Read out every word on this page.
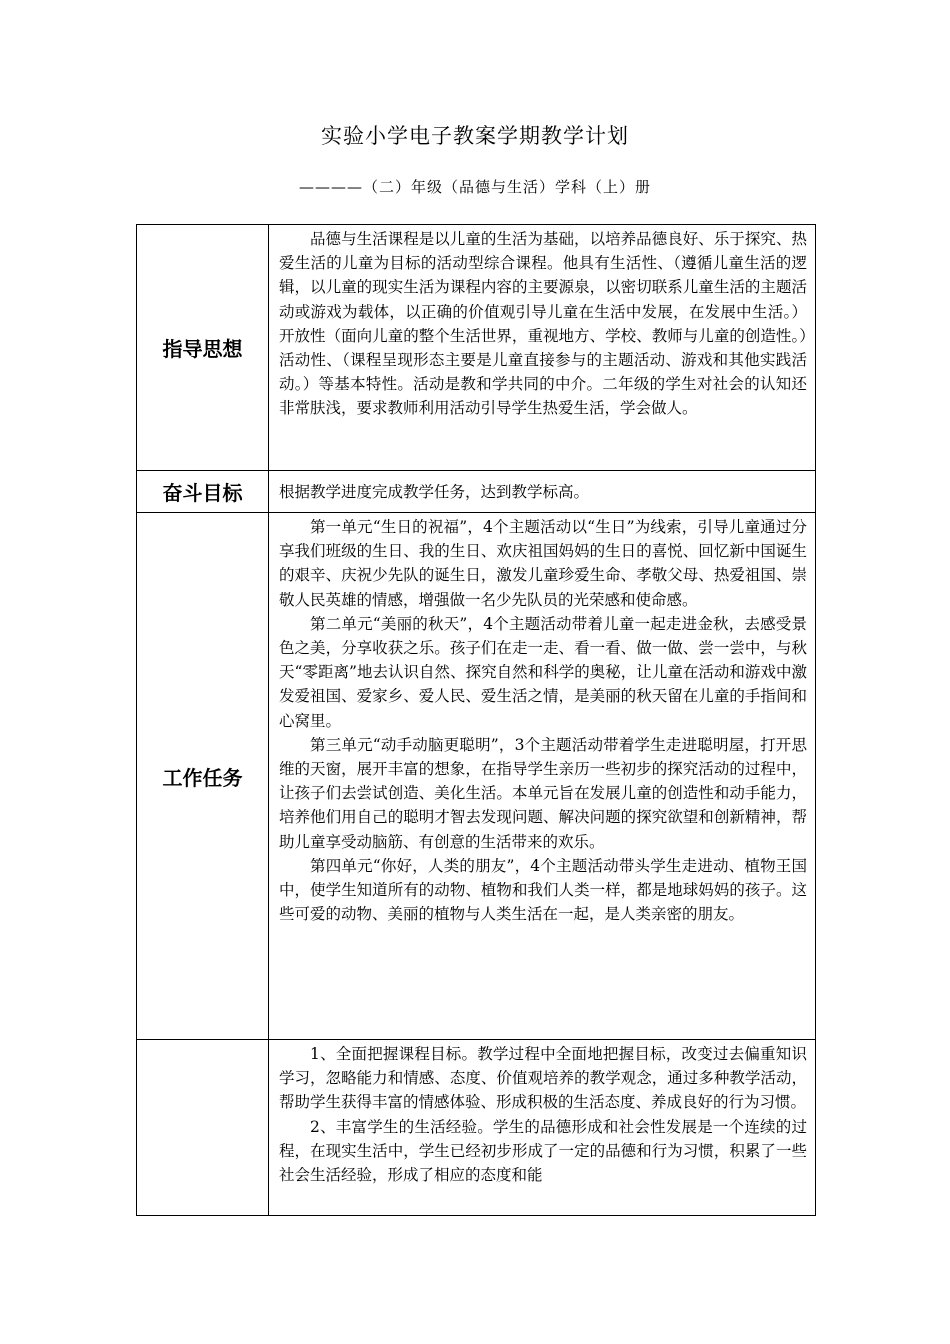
实验小学电子教案学期教学计划
————（二）年级（品德与生活）学科（上）册
指导思想	品德与生活课程是以儿童的生活为基础，以培养品德良好、乐于探究、热爱生活的儿童为目标的活动型综合课程。他具有生活性、（遵循儿童生活的逻辑，以儿童的现实生活为课程内容的主要源泉，以密切联系儿童生活的主题活动或游戏为载体，以正确的价值观引导儿童在生活中发展，在发展中生活。）开放性（面向儿童的整个生活世界，重视地方、学校、教师与儿童的创造性。）活动性、（课程呈现形态主要是儿童直接参与的主题活动、游戏和其他实践活动。）等基本特性。活动是教和学共同的中介。二年级的学生对社会的认知还非常肤浅，要求教师利用活动引导学生热爱生活，学会做人。

奋斗目标	根据教学进度完成教学任务，达到教学标高。

工作任务	第一单元“生日的祝福”，4个主题活动以“生日”为线索，引导儿童通过分享我们班级的生日、我的生日、欢庆祖国妈妈的生日的喜悦、回忆新中国诞生的艰辛、庆祝少先队的诞生日，激发儿童珍爱生命、孝敬父母、热爱祖国、崇敬人民英雄的情感，增强做一名少先队员的光荣感和使命感。

第二单元“美丽的秋天”，4个主题活动带着儿童一起走进金秋，去感受景色之美，分享收获之乐。孩子们在走一走、看一看、做一做、尝一尝中，与秋天“零距离”地去认识自然、探究自然和科学的奥秘，让儿童在活动和游戏中激发爱祖国、爱家乡、爱人民、爱生活之情，是美丽的秋天留在儿童的手指间和心窝里。

第三单元“动手动脑更聪明”，3个主题活动带着学生走进聪明屋，打开思维的天窗，展开丰富的想象，在指导学生亲历一些初步的探究活动的过程中，让孩子们去尝试创造、美化生活。本单元旨在发展儿童的创造性和动手能力，培养他们用自己的聪明才智去发现问题、解决问题的探究欲望和创新精神，帮助儿童享受动脑筋、有创意的生活带来的欢乐。

第四单元“你好，人类的朋友”，4个主题活动带头学生走进动、植物王国中，使学生知道所有的动物、植物和我们人类一样，都是地球妈妈的孩子。这些可爱的动物、美丽的植物与人类生活在一起，是人类亲密的朋友。

	1、全面把握课程目标。教学过程中全面地把握目标，改变过去偏重知识学习，忽略能力和情感、态度、价值观培养的教学观念，通过多种教学活动，帮助学生获得丰富的情感体验、形成积极的生活态度、养成良好的行为习惯。

2、丰富学生的生活经验。学生的品德形成和社会性发展是一个连续的过程，在现实生活中，学生已经初步形成了一定的品德和行为习惯，积累了一些社会生活经验，形成了相应的态度和能
